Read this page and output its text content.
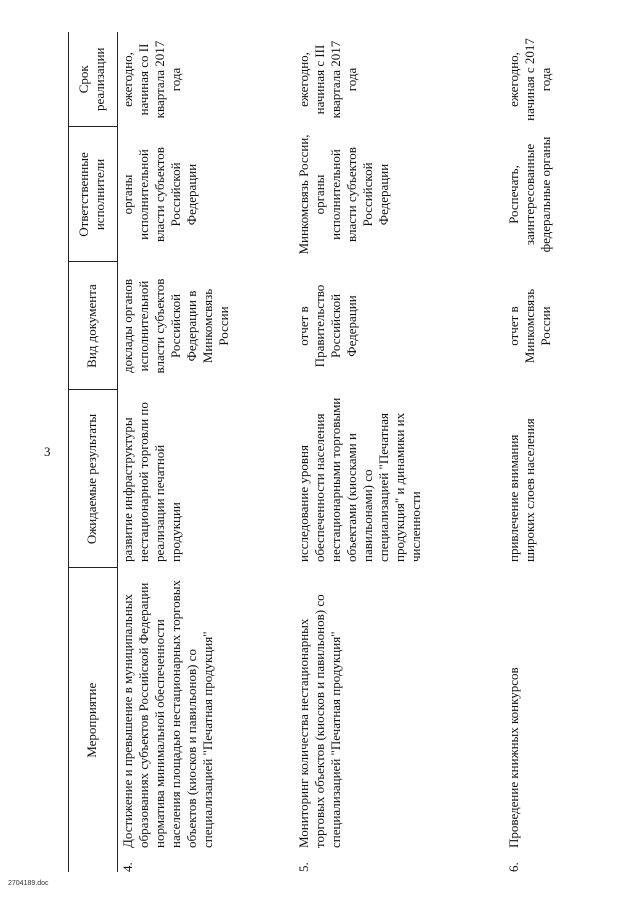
3
2704189.doc
Мероприятие		Ожидаемые результаты	Вид документа	Ответственные исполнители	Срок реализации
4.	Достижение и превышение в муниципальных образованиях субъектов Российской Федерации норматива минимальной обеспеченности населения площадью нестационарных торговых объектов (киосков и павильонов) со специализацией "Печатная продукция"	развитие инфраструктуры нестационарной торговли по реализации печатной продукции	доклады органов исполнительной власти субъектов Российской Федерации в Минкомсвязь России	органы исполнительной власти субъектов Российской Федерации	ежегодно, начиная со II квартала 2017 года
5.	Мониторинг количества нестационарных торговых объектов (киосков и павильонов) со специализацией "Печатная продукция"	исследование уровня обеспеченности населения нестационарными торговыми объектами (киосками и павильонами) со специализацией "Печатная продукция" и динамики их численности	отчет в Правительство Российской Федерации	Минкомсвязь России, органы исполнительной власти субъектов Российской Федерации	ежегодно, начиная с III квартала 2017 года
6.	Проведение книжных конкурсов	привлечение внимания широких слоев населения	отчет в Минкомсвязь России	Роспечать, заинтересованные федеральные органы	ежегодно, начиная с 2017 года
